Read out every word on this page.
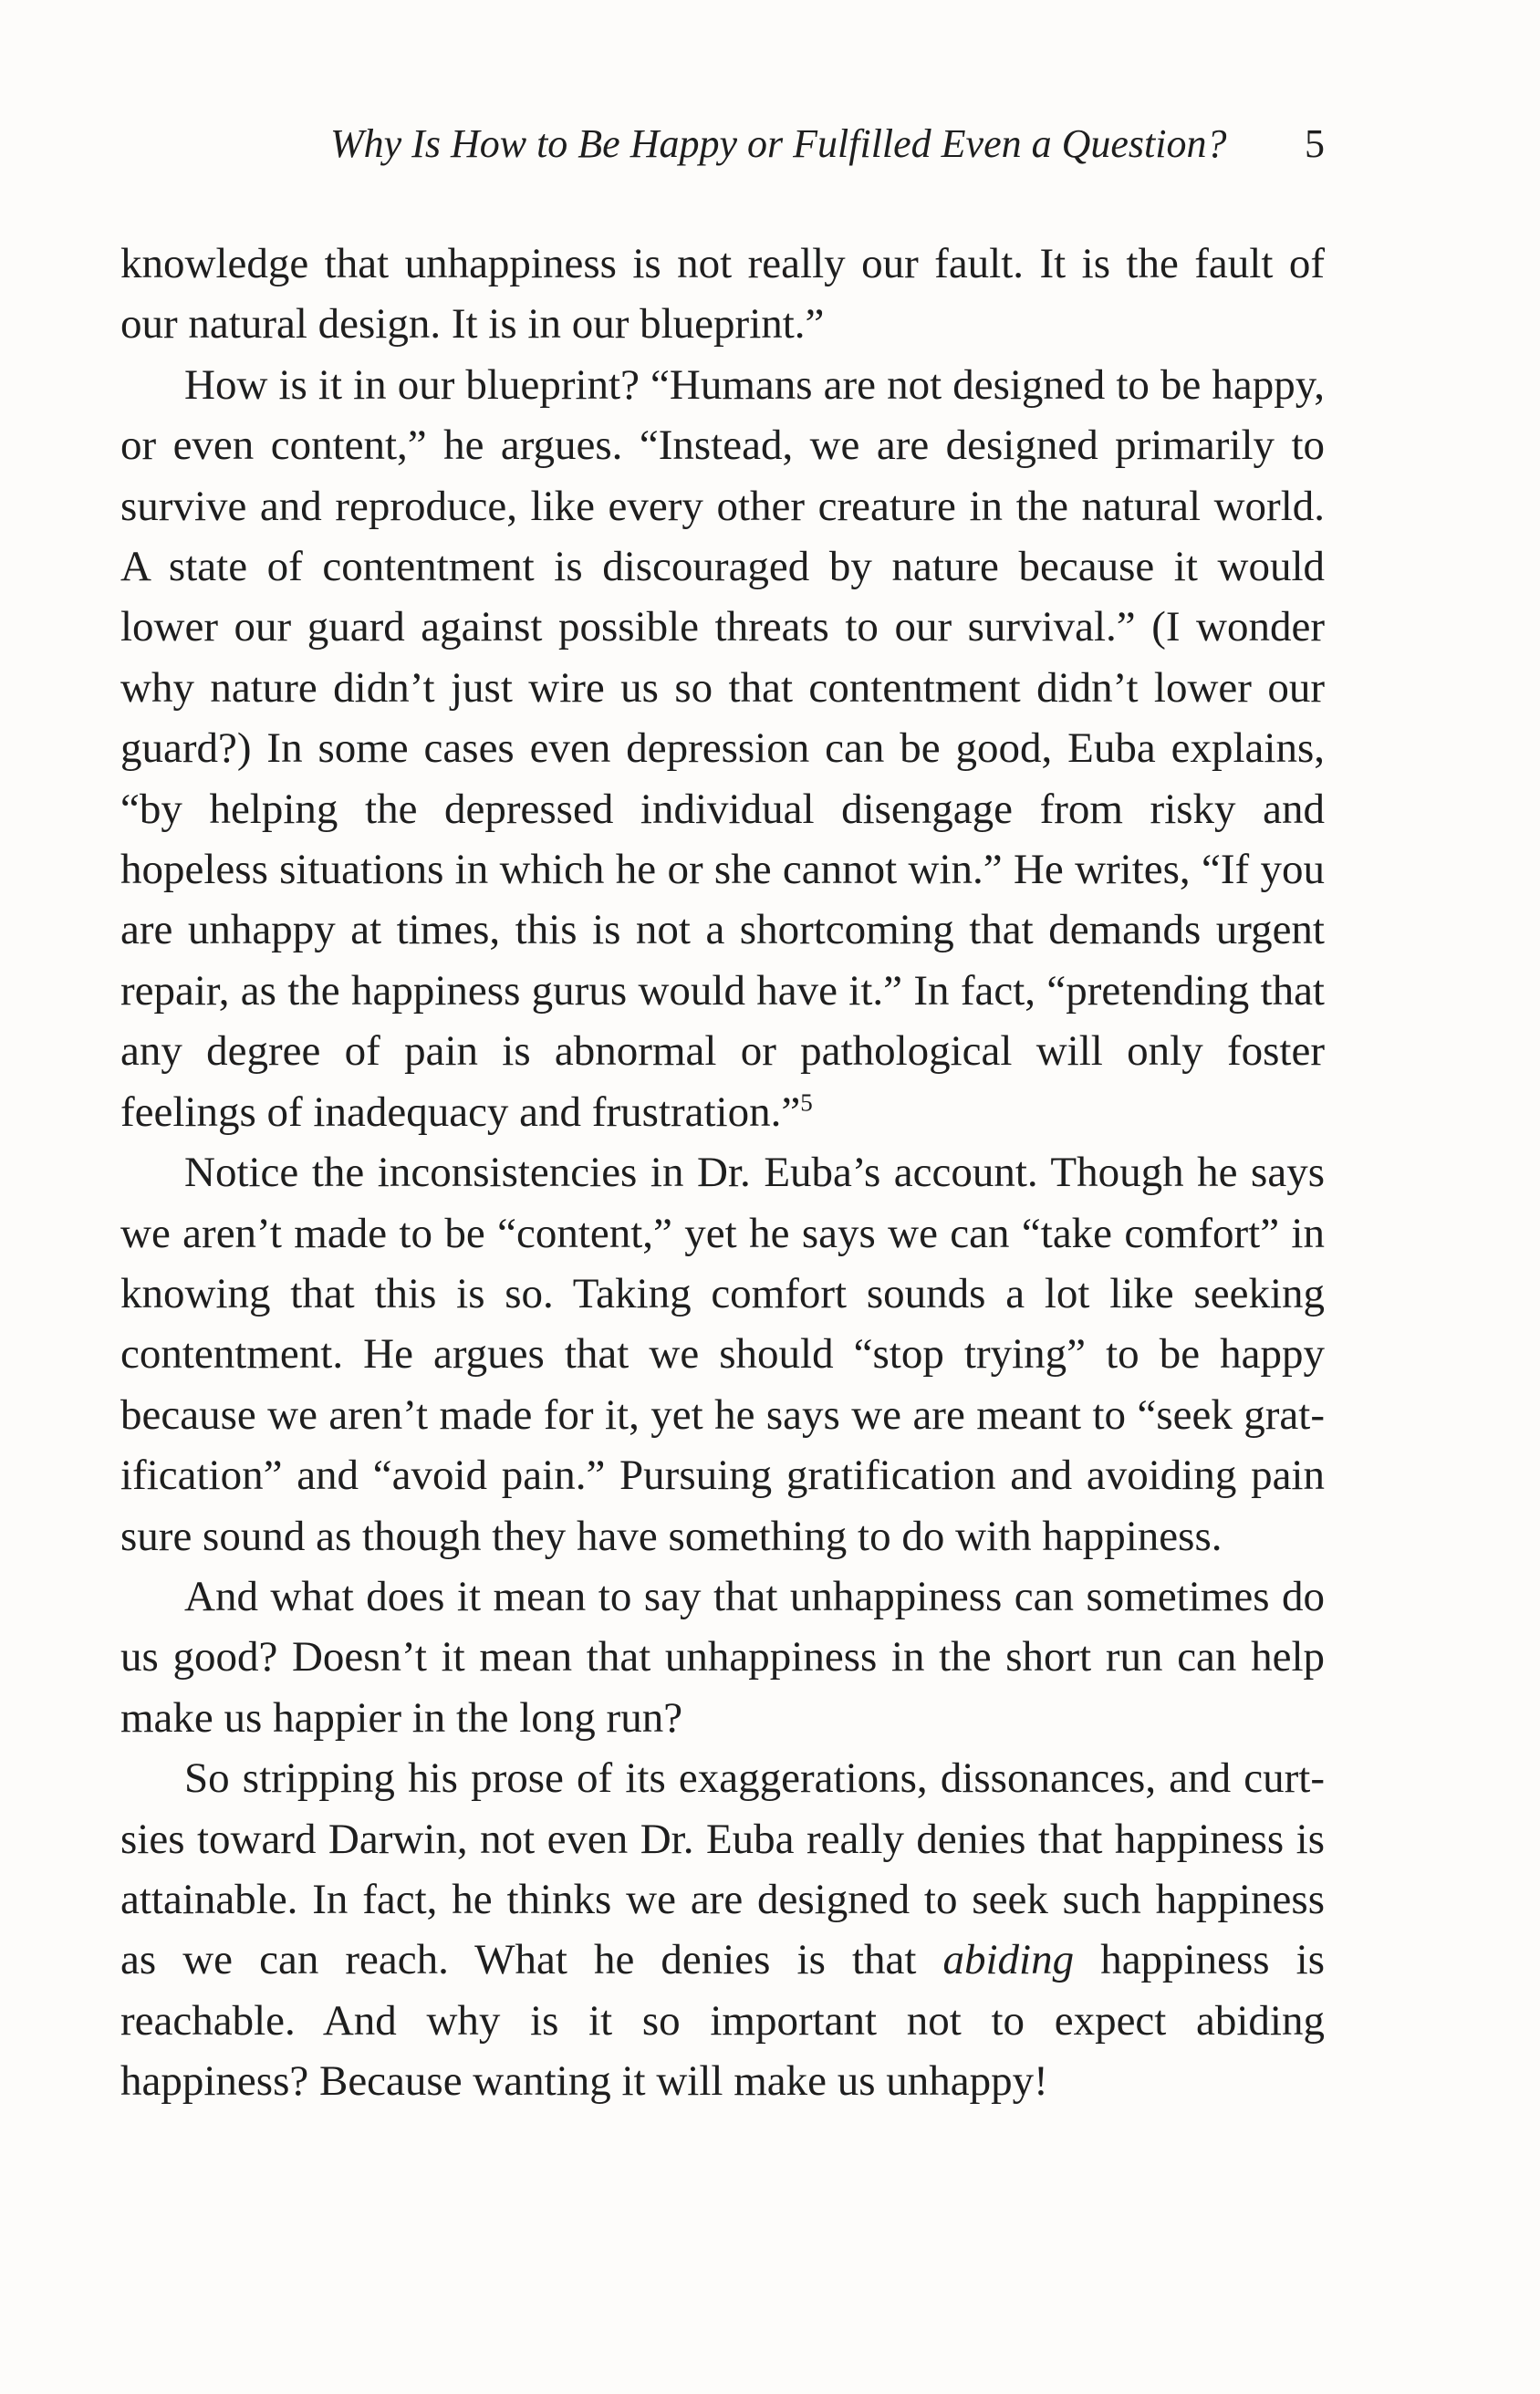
Why Is How to Be Happy or Fulfilled Even a Question? 5

knowledge that unhappiness is not really our fault. It is the fault of our natural design. It is in our blueprint.”

How is it in our blueprint? “Humans are not designed to be happy, or even content,” he argues. “Instead, we are designed primarily to survive and reproduce, like every other creature in the natural world. A state of contentment is discouraged by nature because it would lower our guard against possible threats to our survival.” (I wonder why nature didn’t just wire us so that contentment didn’t lower our guard?) In some cases even depression can be good, Euba explains, “by helping the depressed individual disengage from risky and hopeless situations in which he or she cannot win.” He writes, “If you are unhappy at times, this is not a shortcoming that demands urgent repair, as the happiness gurus would have it.” In fact, “pretending that any degree of pain is abnormal or pathological will only foster feelings of inadequacy and frustration.”$^5$

Notice the inconsistencies in Dr. Euba’s account. Though he says we aren’t made to be “content,” yet he says we can “take comfort” in knowing that this is so. Taking comfort sounds a lot like seeking contentment. He argues that we should “stop trying” to be happy because we aren’t made for it, yet he says we are meant to “seek gratification” and “avoid pain.” Pursuing gratification and avoiding pain sure sound as though they have something to do with happiness.

And what does it mean to say that unhappiness can sometimes do us good? Doesn’t it mean that unhappiness in the short run can help make us happier in the long run?

So stripping his prose of its exaggerations, dissonances, and curtsies toward Darwin, not even Dr. Euba really denies that happiness is attainable. In fact, he thinks we are designed to seek such happiness as we can reach. What he denies is that abiding happiness is reachable. And why is it so important not to expect abiding happiness? Because wanting it will make us unhappy!
